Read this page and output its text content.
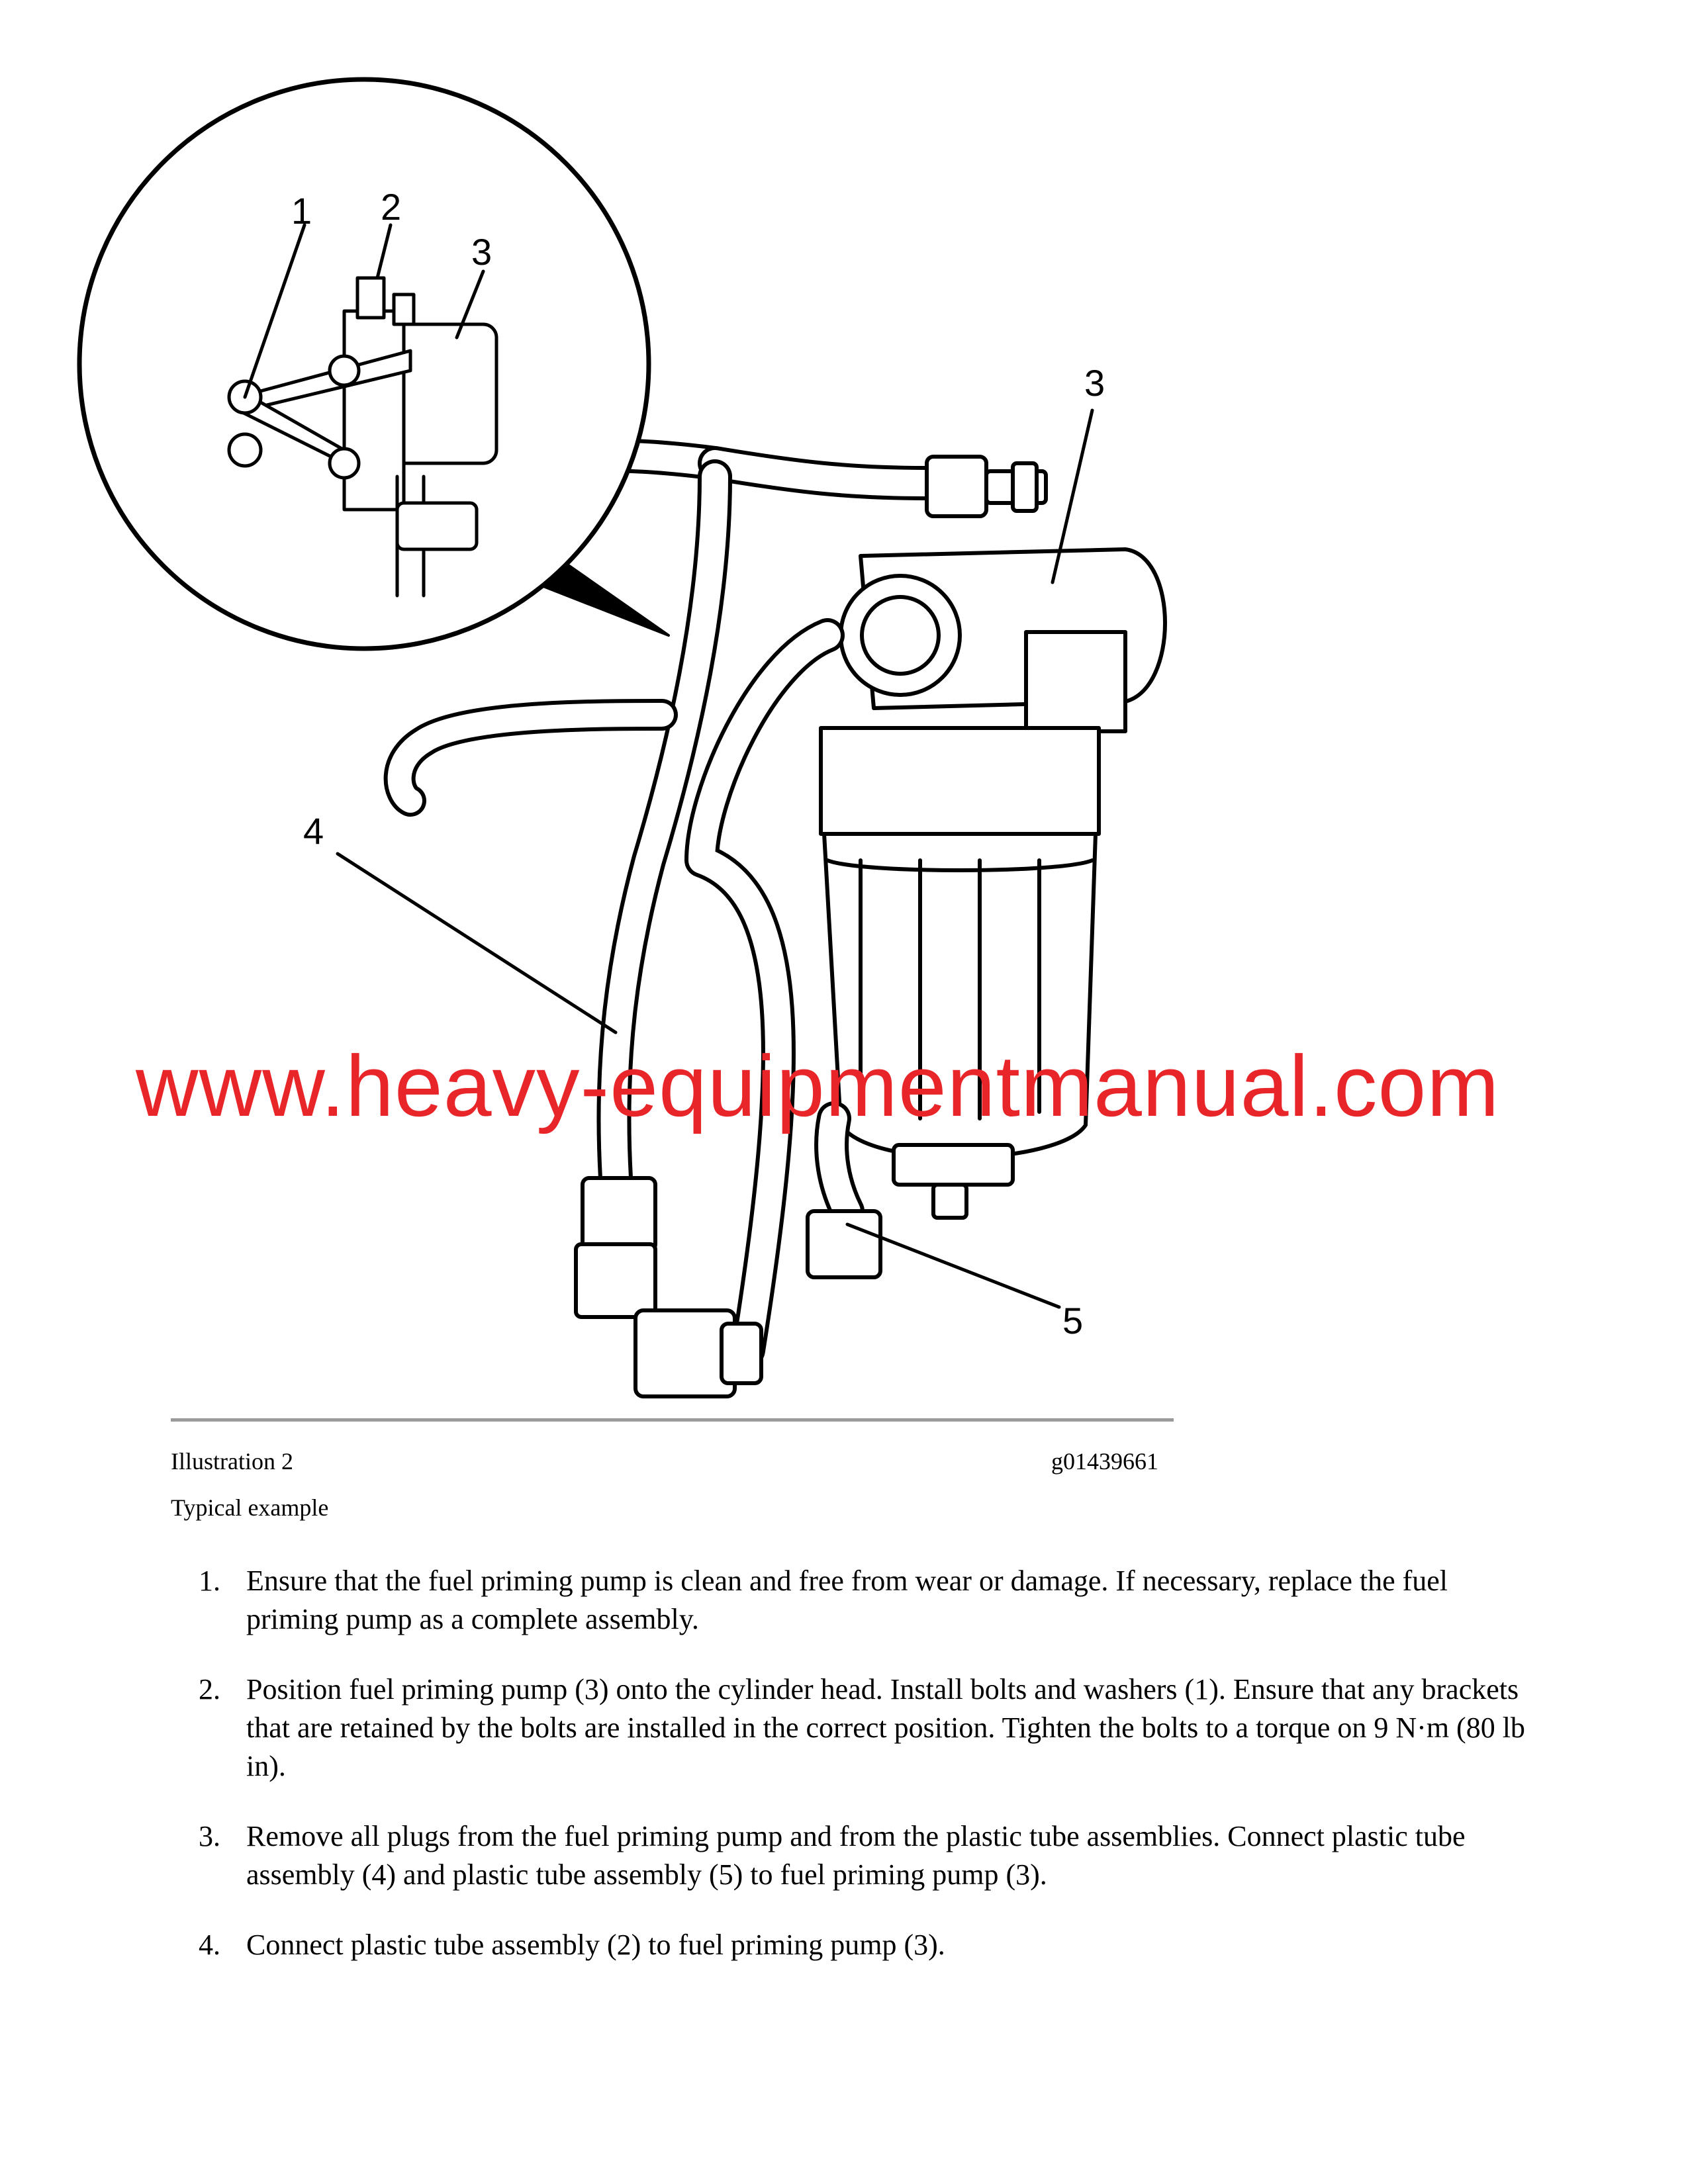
1 2
3
3
4
5
www.heavy-equipmentmanual.com
Illustration 2	g01439661
Typical example
1. Ensure that the fuel priming pump is clean and free from wear or damage. If necessary, replace the fuel priming pump as a complete assembly.
2. Position fuel priming pump (3) onto the cylinder head. Install bolts and washers (1). Ensure that any brackets that are retained by the bolts are installed in the correct position. Tighten the bolts to a torque on 9 N·m (80 lb in).
3. Remove all plugs from the fuel priming pump and from the plastic tube assemblies. Connect plastic tube assembly (4) and plastic tube assembly (5) to fuel priming pump (3).
4. Connect plastic tube assembly (2) to fuel priming pump (3).
